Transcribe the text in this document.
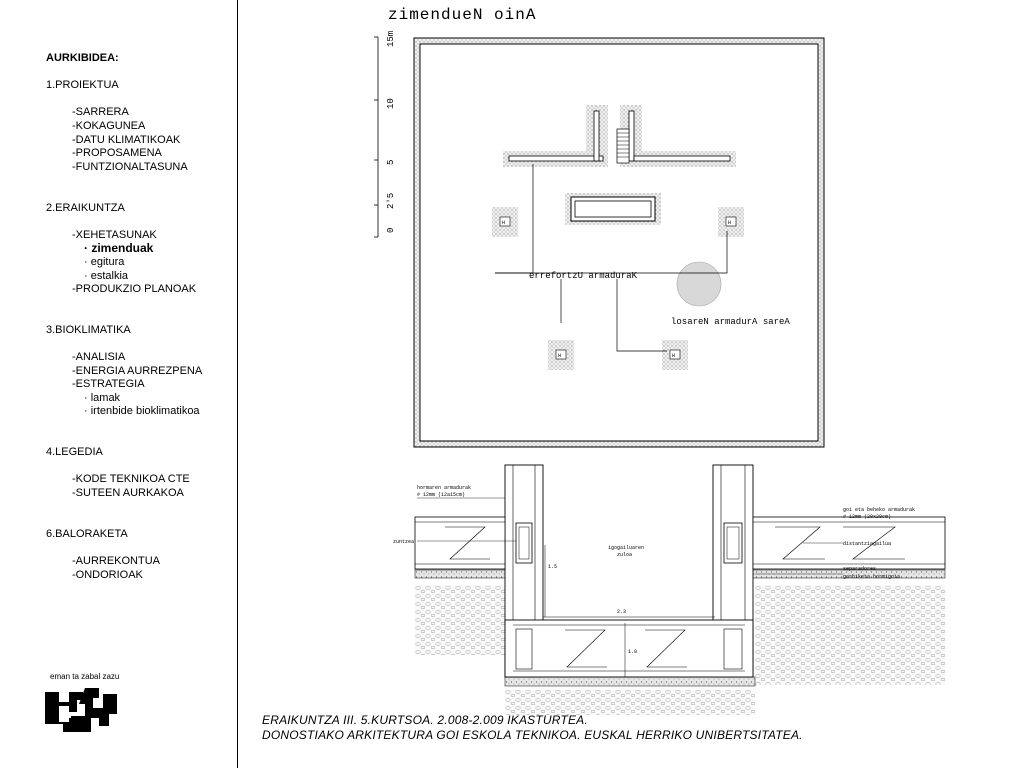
AURKIBIDEA:
1.PROIEKTUA
-SARRERA
-KOKAGUNEA
-DATU KLIMATIKOAK
-PROPOSAMENA
-FUNTZIONALTASUNA
2.ERAIKUNTZA
-XEHETASUNAK
· zimenduak
· egitura
· estalkia
-PRODUKZIO PLANOAK
3.BIOKLIMATIKA
-ANALISIA
-ENERGIA AURREZPENA
-ESTRATEGIA
· lamak
· irtenbide bioklimatikoa
4.LEGEDIA
-KODE TEKNIKOA CTE
-SUTEEN AURKAKOA
6.BALORAKETA
-AURREKONTUA
-ONDORIOAK
eman ta zabal zazu
zimendueN oinA
15m
10
5
2'5
0
H	H
H	H
errefortzU armaduraK
losareN armadurA sareA
1.5
2.3
1.0
igogailuaren
zuloa
hormaren armadurak
# 12mm (12a15cm)
zuntzea
goi eta beheko armadurak
# 12mm (20x20cm)
distantziagailua
separadores
garbiketa hormigoia
ERAIKUNTZA III. 5.KURTSOA. 2.008-2.009 IKASTURTEA.
DONOSTIAKO ARKITEKTURA GOI ESKOLA TEKNIKOA. EUSKAL HERRIKO UNIBERTSITATEA.
